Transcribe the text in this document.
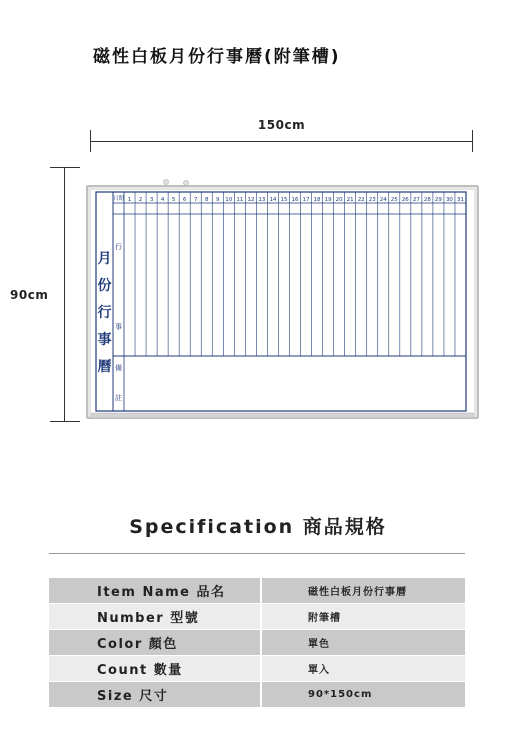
磁性白板月份行事曆(附筆槽)
150cm
90cm
日期 1 2 3 4 5 6 7 8 9 10 11 12 13 14 15 16 17 18 19 20 21 22 23 24 25 26 27 28 29 30 31
月
份
行
事
曆
行
事
備
註
Specification 商品規格
Item Name 品名	磁性白板月份行事曆
Number 型號	附筆槽
Color 顏色	單色
Count 數量	單入
Size 尺寸	90*150cm
